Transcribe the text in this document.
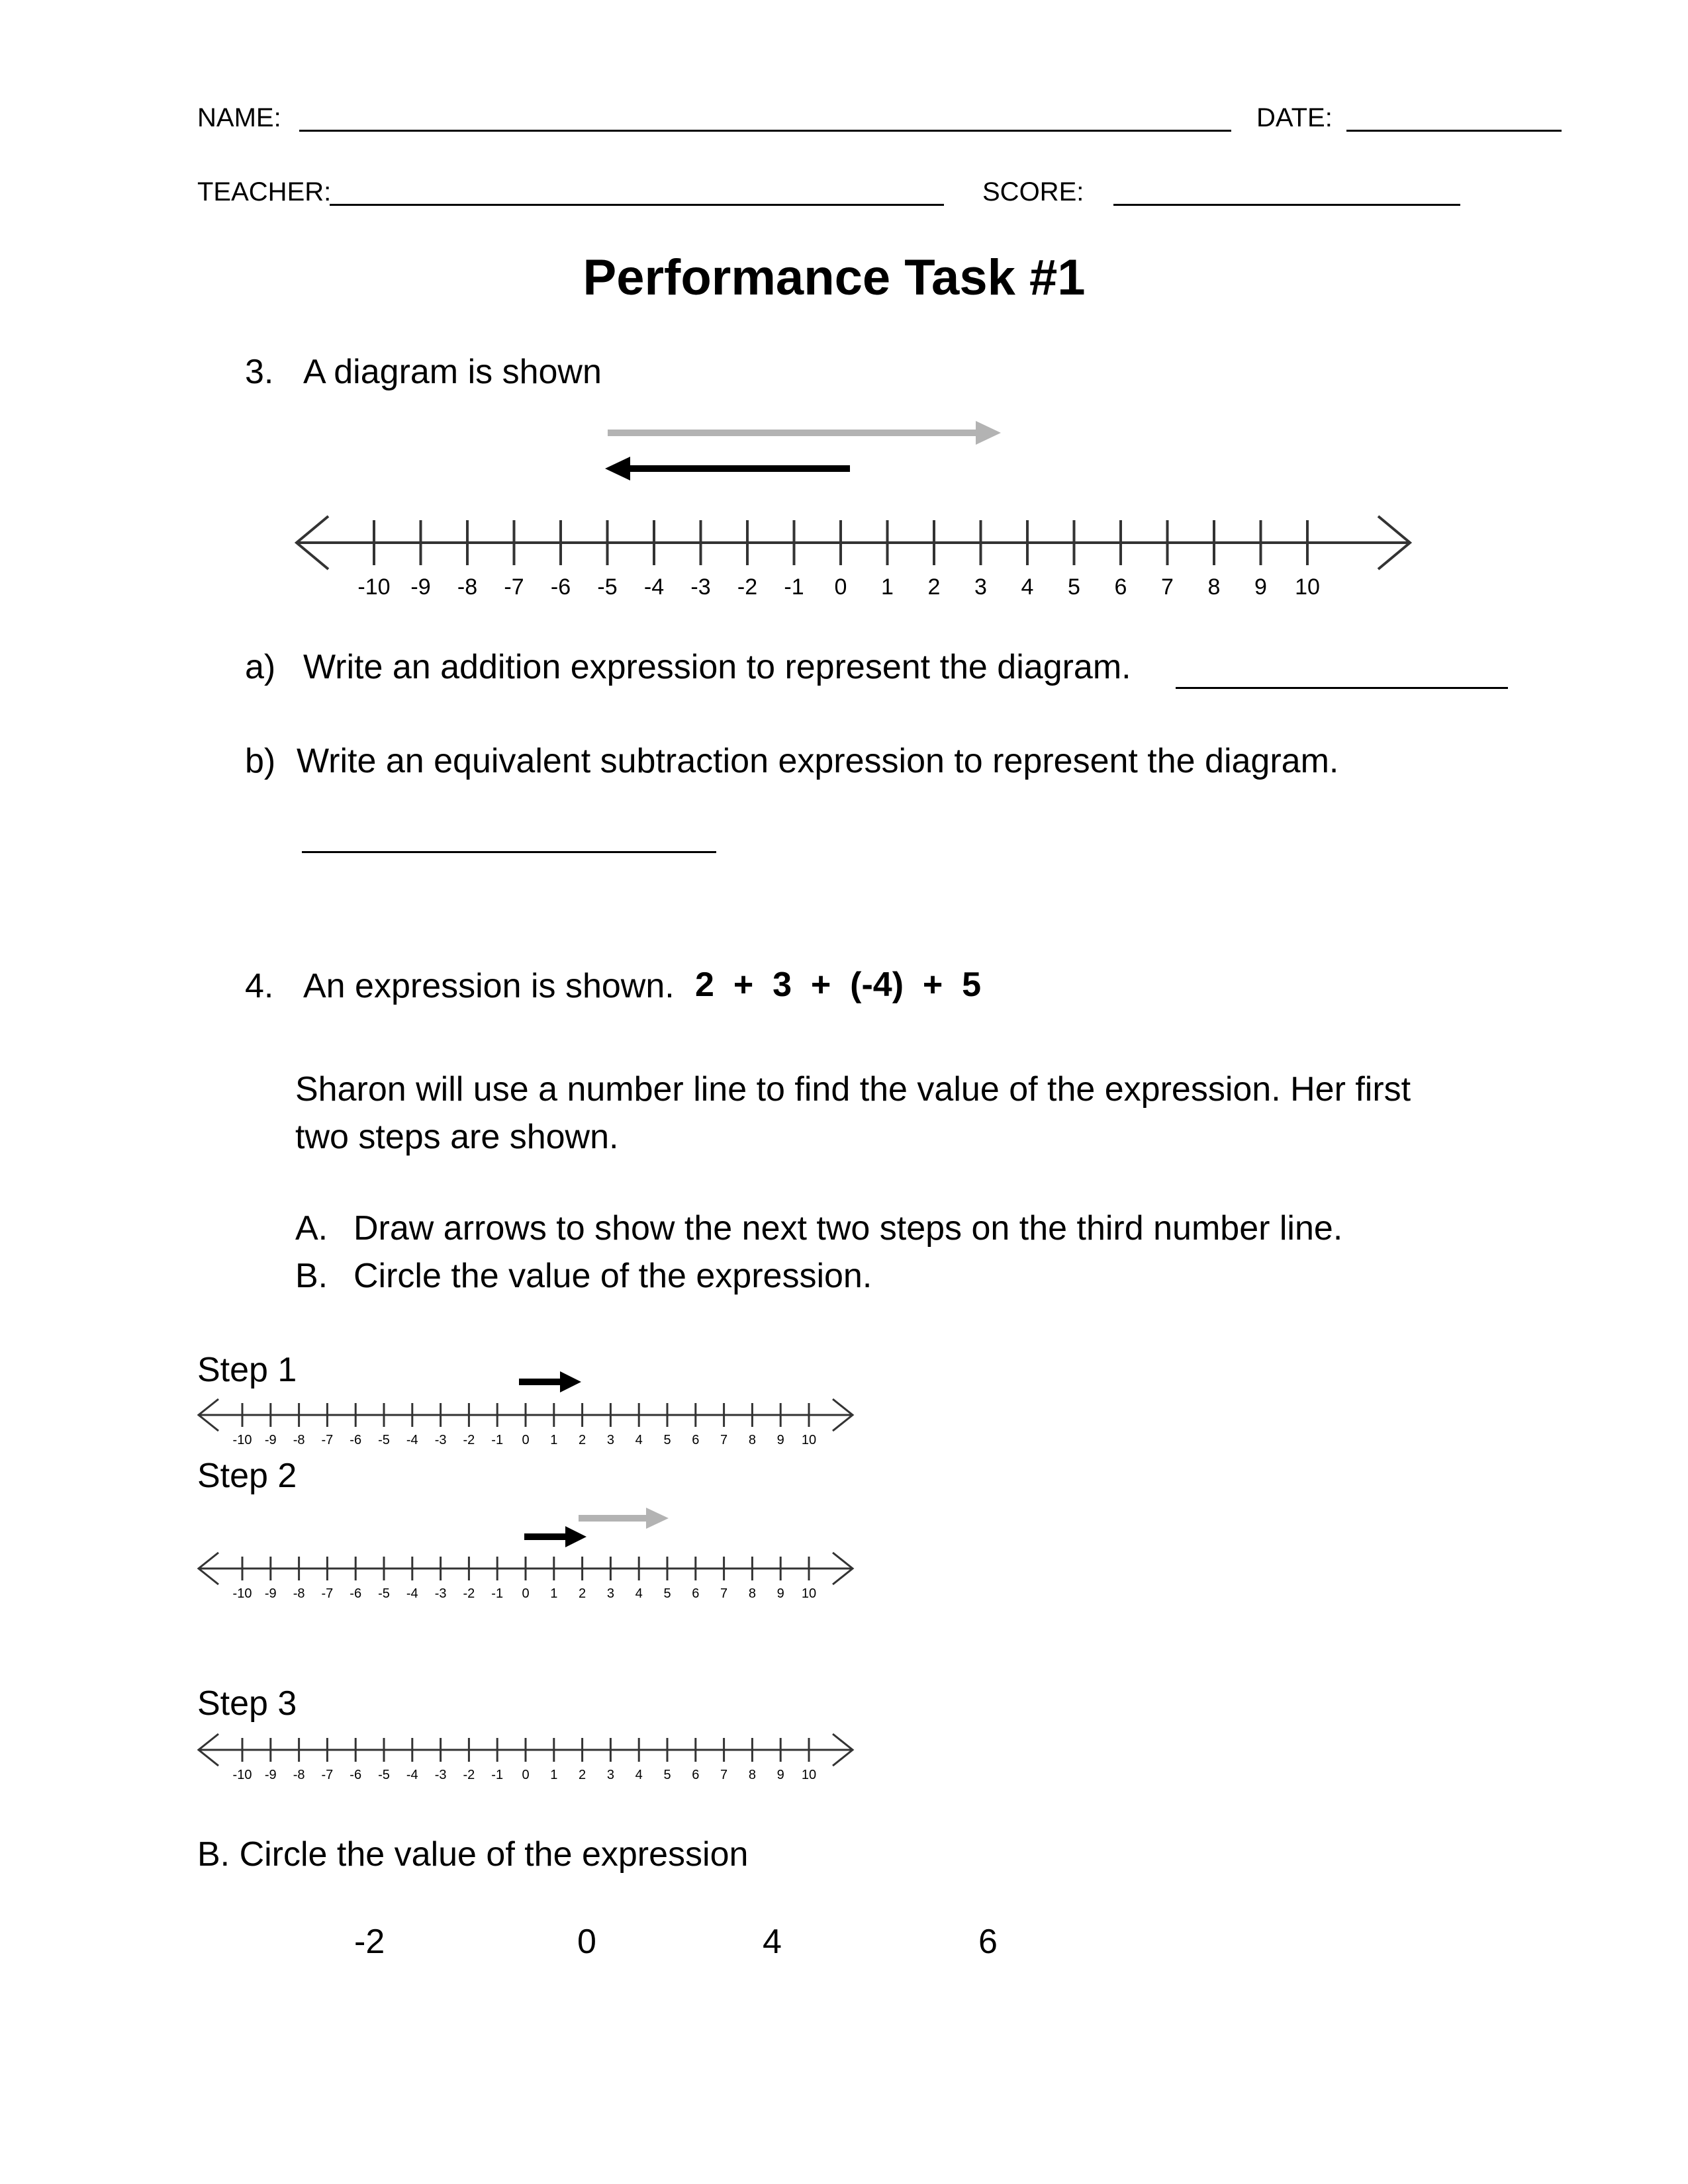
NAME:	DATE:
TEACHER:	SCORE:
Performance Task #1
3. A diagram is shown
-10 -9 -8 -7 -6 -5 -4 -3 -2 -1 0 1 2 3 4 5 6 7 8 9 10
-10 -9 -8 -7 -6 -5 -4 -3 -2 -1 0 1 2 3 4 5 6 7 8 9 10
-10 -9 -8 -7 -6 -5 -4 -3 -2 -1 0 1 2 3 4 5 6 7 8 9 10
-10 -9 -8 -7 -6 -5 -4 -3 -2 -1 0 1 2 3 4 5 6 7 8 9 10
a) Write an addition expression to represent the diagram.
b) Write an equivalent subtraction expression to represent the diagram.
4. An expression is shown. 2  +  3  +  (-4)  +  5
Sharon will use a number line to find the value of the expression. Her first
two steps are shown.
A. Draw arrows to show the next two steps on the third number line.
B. Circle the value of the expression.
Step 1
Step 2
Step 3
B. Circle the value of the expression
-2	0	4	6
